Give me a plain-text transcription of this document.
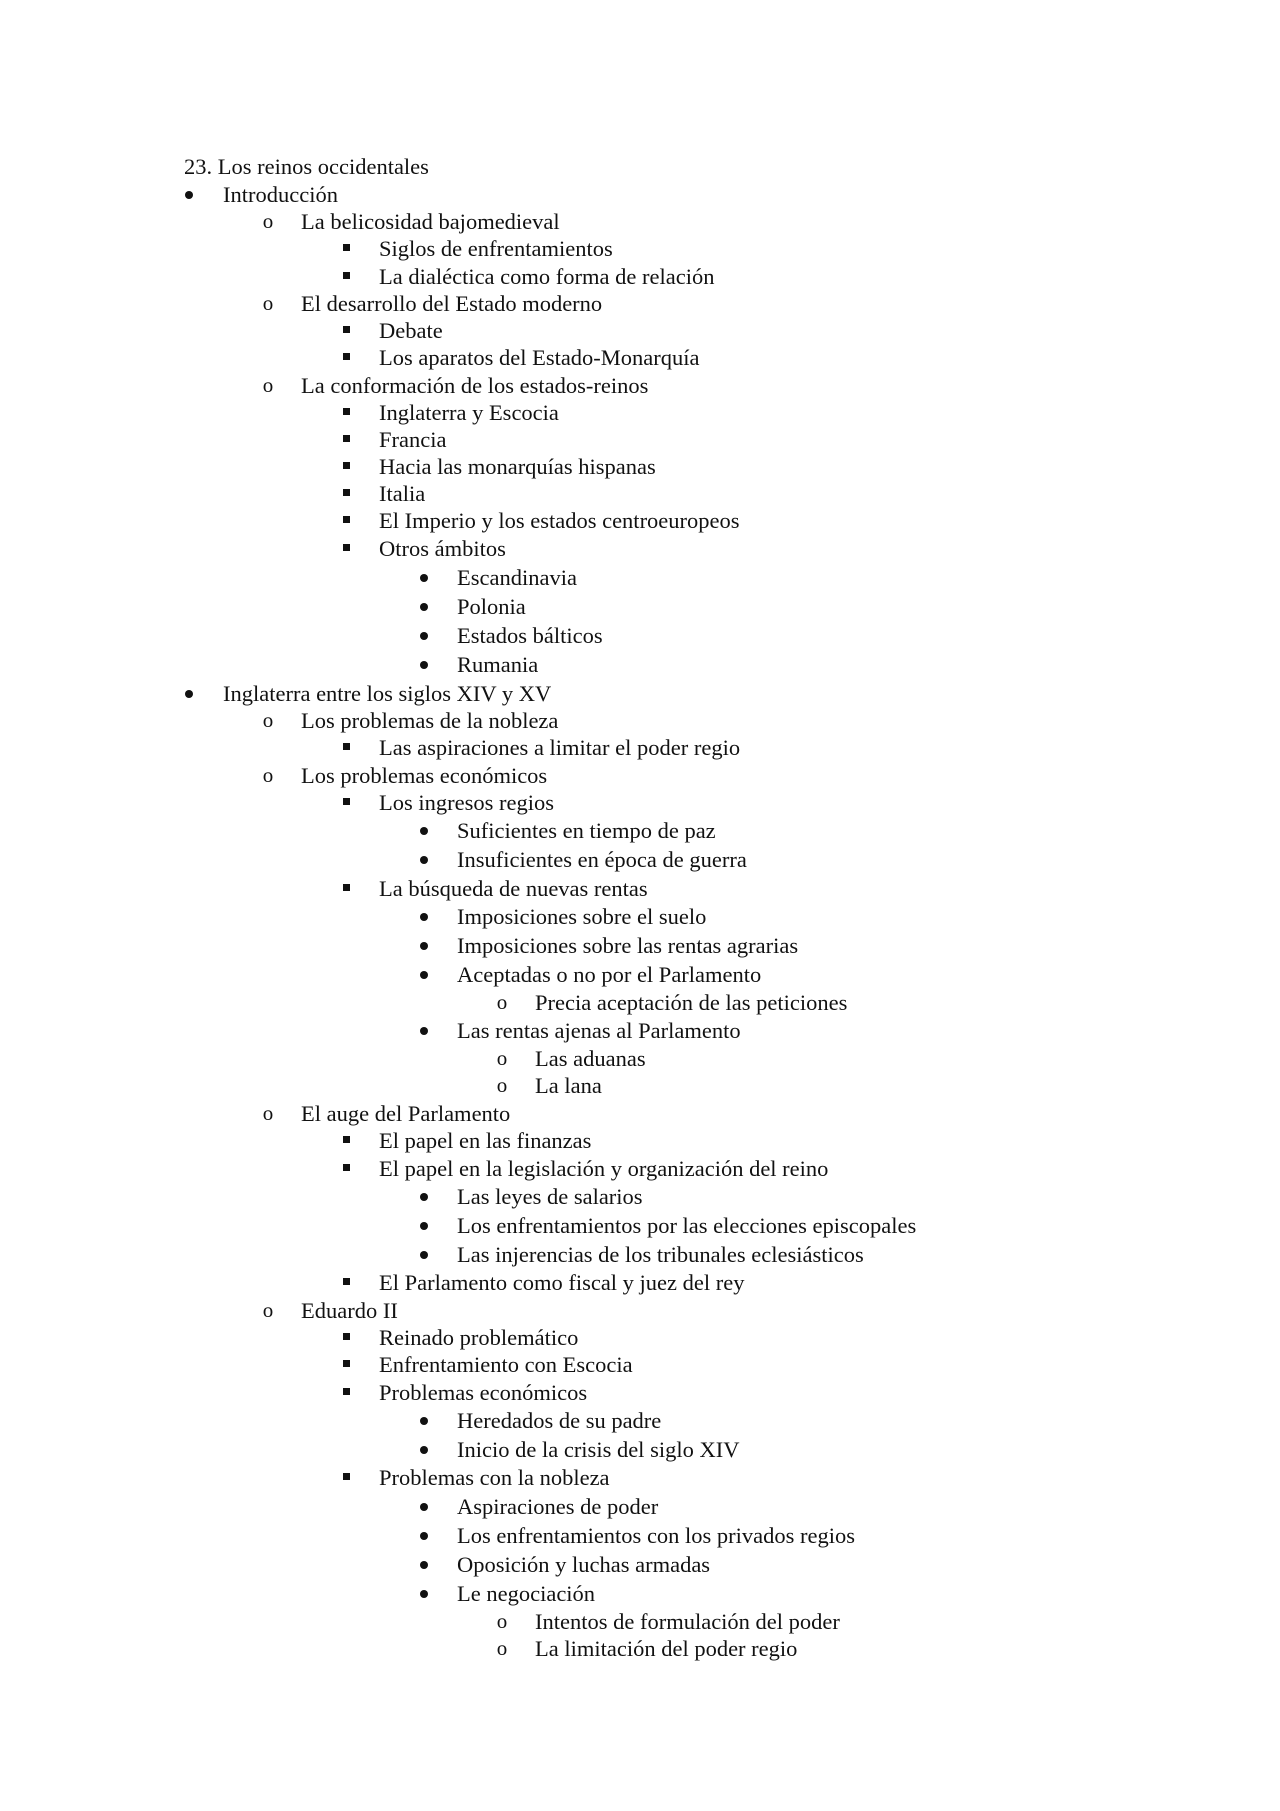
23. Los reinos occidentales
Introducción
o
La belicosidad bajomedieval
Siglos de enfrentamientos
La dialéctica como forma de relación
o
El desarrollo del Estado moderno
Debate
Los aparatos del Estado-Monarquía
o
La conformación de los estados-reinos
Inglaterra y Escocia
Francia
Hacia las monarquías hispanas
Italia
El Imperio y los estados centroeuropeos
Otros ámbitos
Escandinavia
Polonia
Estados bálticos
Rumania
Inglaterra entre los siglos XIV y XV
o
Los problemas de la nobleza
Las aspiraciones a limitar el poder regio
o
Los problemas económicos
Los ingresos regios
Suficientes en tiempo de paz
Insuficientes en época de guerra
La búsqueda de nuevas rentas
Imposiciones sobre el suelo
Imposiciones sobre las rentas agrarias
Aceptadas o no por el Parlamento
o
Precia aceptación de las peticiones
Las rentas ajenas al Parlamento
o
Las aduanas
o
La lana
o
El auge del Parlamento
El papel en las finanzas
El papel en la legislación y organización del reino
Las leyes de salarios
Los enfrentamientos por las elecciones episcopales
Las injerencias de los tribunales eclesiásticos
El Parlamento como fiscal y juez del rey
o
Eduardo II
Reinado problemático
Enfrentamiento con Escocia
Problemas económicos
Heredados de su padre
Inicio de la crisis del siglo XIV
Problemas con la nobleza
Aspiraciones de poder
Los enfrentamientos con los privados regios
Oposición y luchas armadas
Le negociación
o
Intentos de formulación del poder
o
La limitación del poder regio
